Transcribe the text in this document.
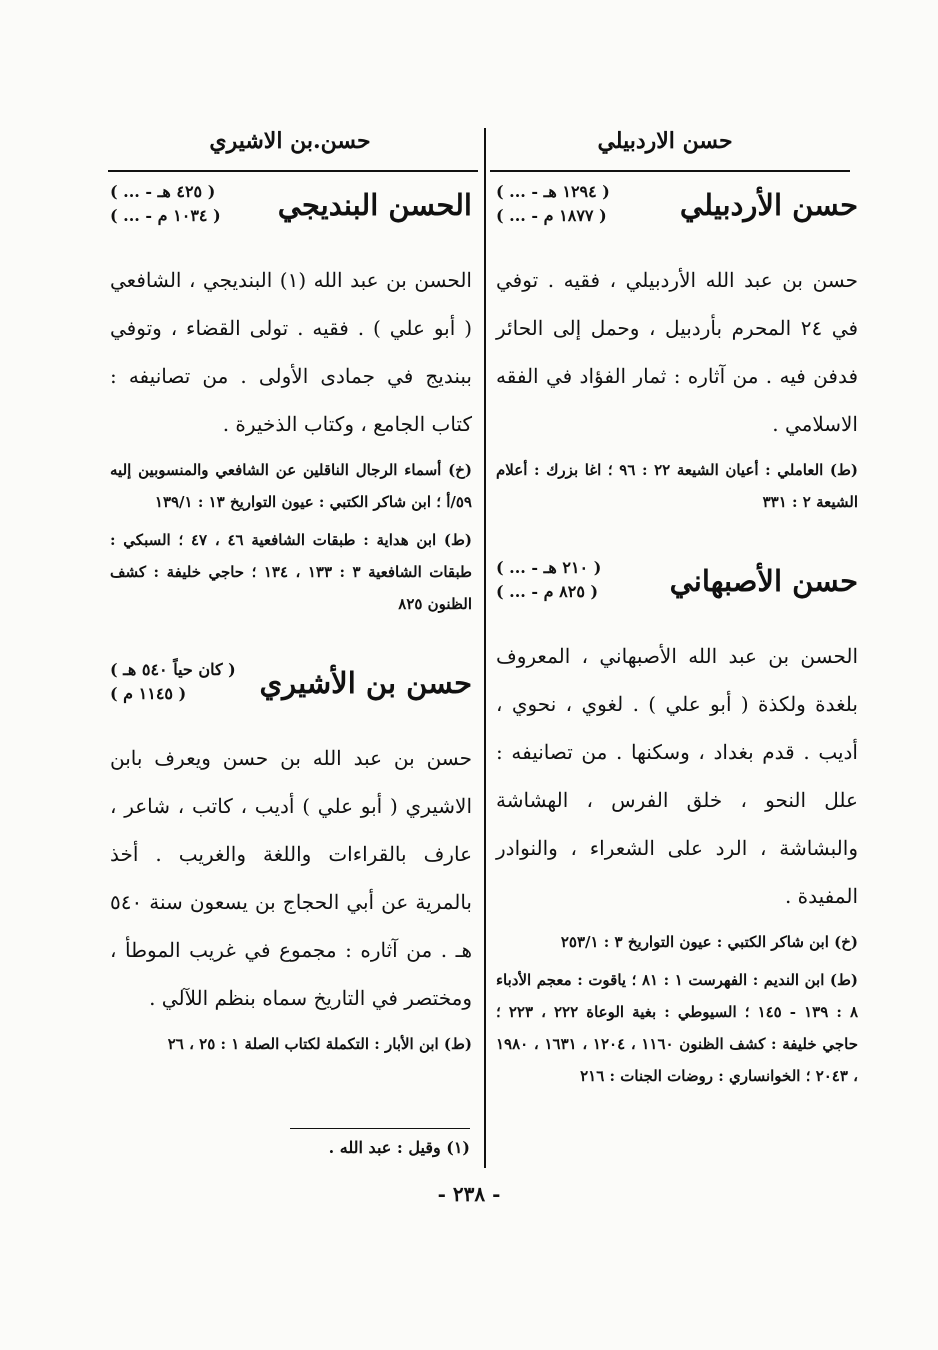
حسن الاردبيلي
حسن.بن الاشيري
حسن الأردبيلي
( ... - ١٢٩٤ هـ )
( ... - ١٨٧٧ م )

حسن بن عبد الله الأردبيلي ، فقيه . توفي في ٢٤ المحرم بأردبيل ، وحمل إلى الحائر فدفن فيه . من آثاره : ثمار الفؤاد في الفقه الاسلامي .

(ط) العاملي : أعيان الشيعة ٢٢ : ٩٦ ؛ اغا بزرك : أعلام الشيعة ٢ : ٣٣١

حسن الأصبهاني
( ... - ٢١٠ هـ )
( ... - ٨٢٥ م )

الحسن بن عبد الله الأصبهاني ، المعروف بلغدة ولكذة ( أبو علي ) . لغوي ، نحوي ، أديب . قدم بغداد ، وسكنها . من تصانيفه : علل النحو ، خلق الفرس ، الهشاشة والبشاشة ، الرد على الشعراء ، والنوادر المفيدة .

(خ) ابن شاكر الكتبي : عيون التواريخ ٣ : ٢٥٣/١

(ط) ابن النديم : الفهرست ١ : ٨١ ؛ ياقوت : معجم الأدباء ٨ : ١٣٩ - ١٤٥ ؛ السيوطي : بغية الوعاة ٢٢٢ ، ٢٢٣ ؛ حاجي خليفة : كشف الظنون ١١٦٠ ، ١٢٠٤ ، ١٦٣١ ، ١٩٨٠ ، ٢٠٤٣ ؛ الخوانساري : روضات الجنات : ٢١٦

الحسن البنديجي
( ... - ٤٢٥ هـ )
( ... - ١٠٣٤ م )

الحسن بن عبد الله (١) البنديجي ، الشافعي ( أبو علي ) . فقيه . تولى القضاء ، وتوفي ببنديج في جمادى الأولى . من تصانيفه : كتاب الجامع ، وكتاب الذخيرة .

(خ) أسماء الرجال الناقلين عن الشافعي والمنسوبين إليه ٥٩/أ ؛ ابن شاكر الكتبي : عيون التواريخ ١٣ : ١٣٩/١

(ط) ابن هداية : طبقات الشافعية ٤٦ ، ٤٧ ؛ السبكي : طبقات الشافعية ٣ : ١٣٣ ، ١٣٤ ؛ حاجي خليفة : كشف الظنون ٨٢٥

حسن بن الأشيري
( كان حياً ٥٤٠ هـ )
( ١١٤٥ م )

حسن بن عبد الله بن حسن ويعرف بابن الاشيري ( أبو علي ) أديب ، كاتب ، شاعر ، عارف بالقراءات واللغة والغريب . أخذ بالمرية عن أبي الحجاج بن يسعون سنة ٥٤٠ هـ . من آثاره : مجموع في غريب الموطأ ، ومختصر في التاريخ سماه بنظم اللآلي .

(ط) ابن الأبار : التكملة لكتاب الصلة ١ : ٢٥ ، ٢٦

(١) وقيل : عبد الله .
- ٢٣٨ -
